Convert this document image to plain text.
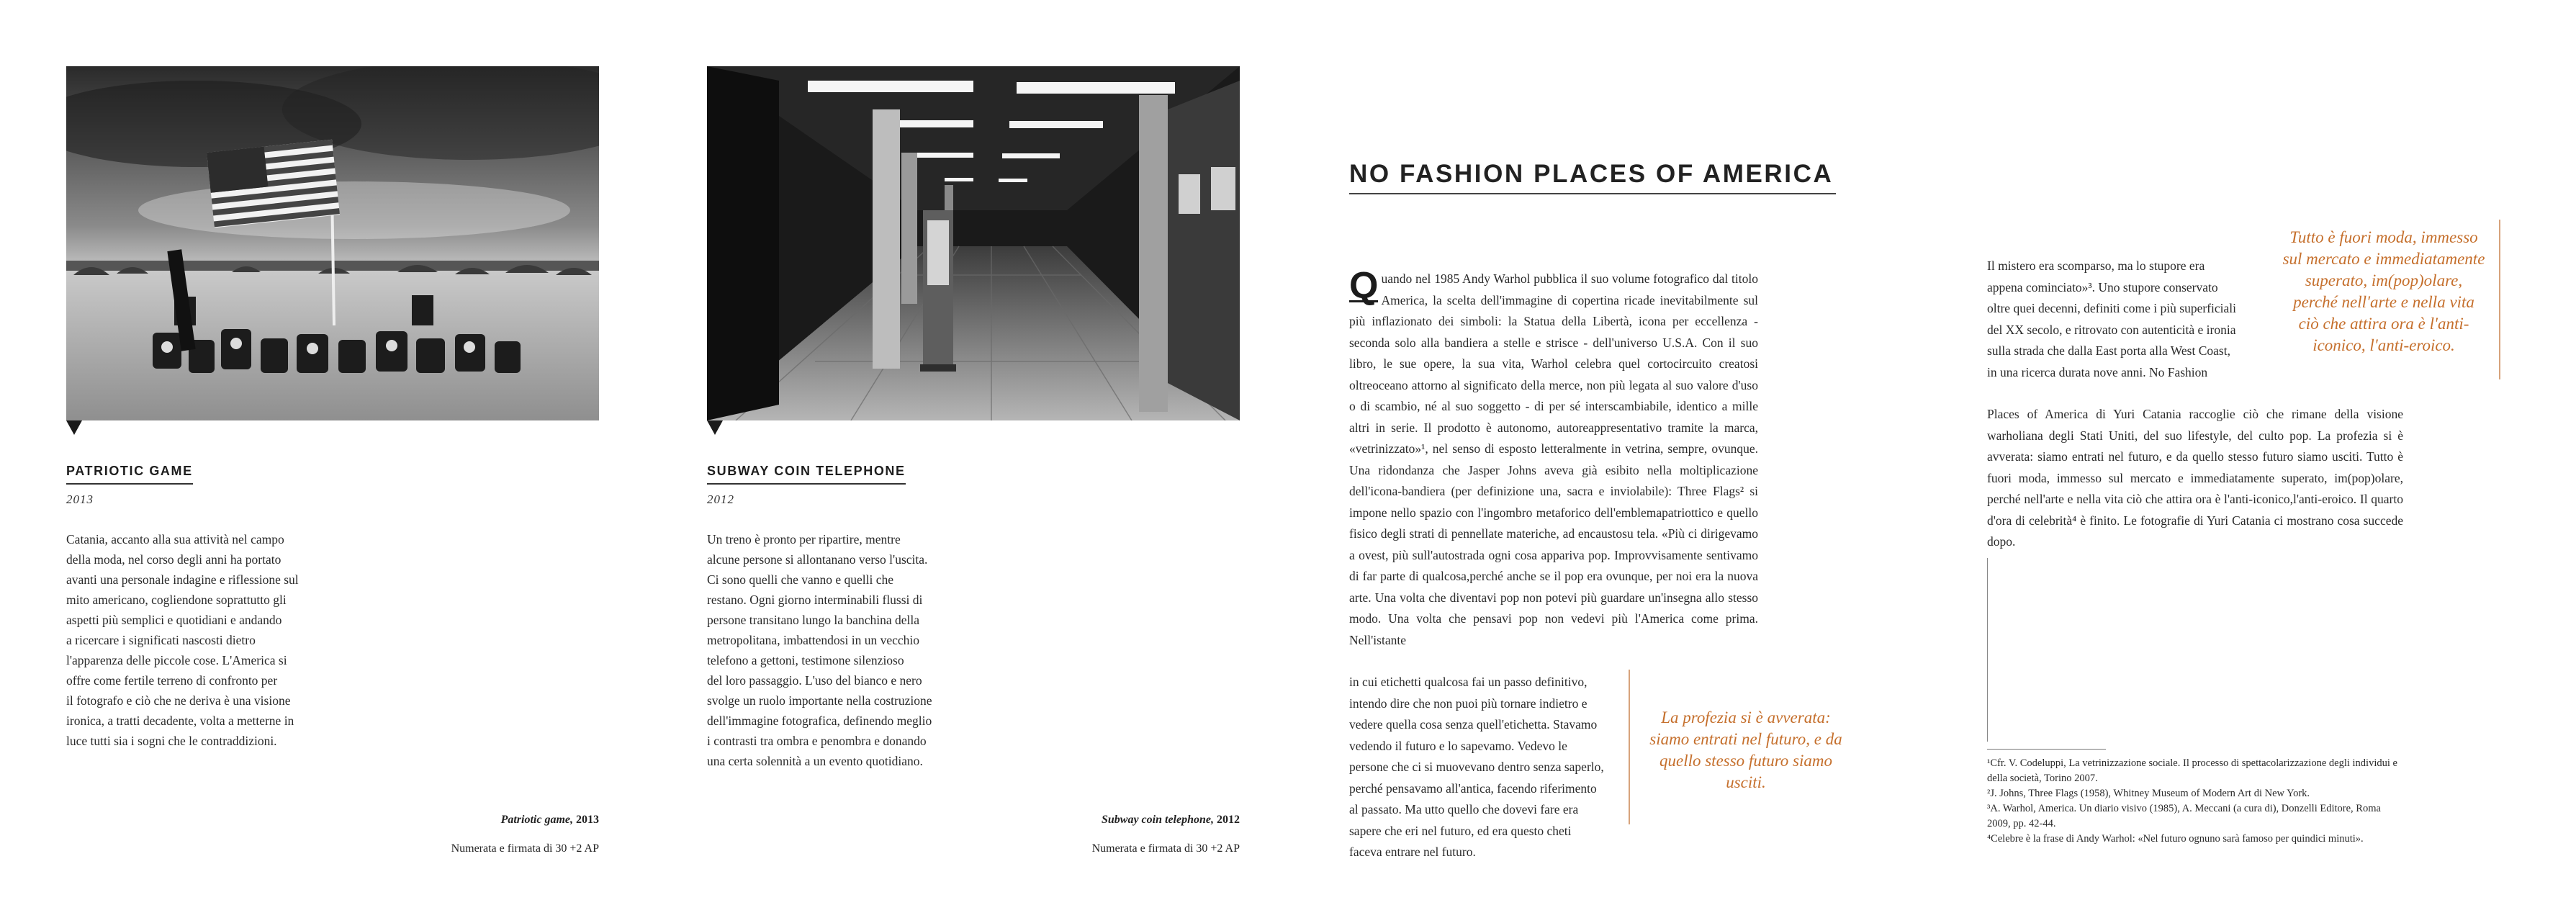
PATRIOTIC GAME
2013
Catania, accanto alla sua attività nel campo
della moda, nel corso degli anni ha portato
avanti una personale indagine e riflessione sul
mito americano, cogliendone soprattutto gli
aspetti più semplici e quotidiani e andando
a ricercare i significati nascosti dietro
l'apparenza delle piccole cose. L'America si
offre come fertile terreno di confronto per
il fotografo e ciò che ne deriva è una visione
ironica, a tratti decadente, volta a metterne in
luce tutti sia i sogni che le contraddizioni.
Patriotic game, 2013
Numerata e firmata di 30 +2 AP
SUBWAY COIN TELEPHONE
2012
Un treno è pronto per ripartire, mentre
alcune persone si allontanano verso l'uscita.
Ci sono quelli che vanno e quelli che
restano. Ogni giorno interminabili flussi di
persone transitano lungo la banchina della
metropolitana, imbattendosi in un vecchio
telefono a gettoni, testimone silenzioso
del loro passaggio. L'uso del bianco e nero
svolge un ruolo importante nella costruzione
dell'immagine fotografica, definendo meglio
i contrasti tra ombra e penombra e donando
una certa solennità a un evento quotidiano.
Subway coin telephone, 2012
Numerata e firmata di 30 +2 AP
NO FASHION PLACES OF AMERICA
Q uando nel 1985 Andy Warhol pubblica il suo volume fotografico dal titolo America, la scelta dell'immagine di copertina ricade inevitabilmente sul più inflazionato dei simboli: la Statua della Libertà, icona per eccellenza - seconda solo alla bandiera a stelle e strisce - dell'universo U.S.A. Con il suo libro, le sue opere, la sua vita, Warhol celebra quel cortocircuito creatosi oltreoceano attorno al significato della merce, non più legata al suo valore d'uso o di scambio, né al suo soggetto - di per sé interscambiabile, identico a mille altri in serie. Il prodotto è autonomo, autoreappresentativo tramite la marca, «vetrinizzato»¹, nel senso di esposto letteralmente in vetrina, sempre, ovunque. Una ridondanza che Jasper Johns aveva già esibito nella moltiplicazione dell'icona-bandiera (per definizione una, sacra e inviolabile): Three Flags² si impone nello spazio con l'ingombro metaforico dell'emblemapatriottico e quello fisico degli strati di pennellate materiche, ad encaustosu tela. «Più ci dirigevamo a ovest, più sull'autostrada ogni cosa appariva pop. Improvvisamente sentivamo di far parte di qualcosa,perché anche se il pop era ovunque, per noi era la nuova arte. Una volta che diventavi pop non potevi più guardare un'insegna allo stesso modo. Una volta che pensavi pop non vedevi più l'America come prima. Nell'istante
in cui etichetti qualcosa fai un passo definitivo, intendo dire che non puoi più tornare indietro e vedere quella cosa senza quell'etichetta. Stavamo vedendo il futuro e lo sapevamo. Vedevo le persone che ci si muovevano dentro senza saperlo, perché pensavamo all'antica, facendo riferimento al passato. Ma utto quello che dovevi fare era sapere che eri nel futuro, ed era questo cheti faceva entrare nel futuro.
La profezia si è avverata: siamo entrati nel futuro, e da quello stesso futuro siamo usciti.
Il mistero era scomparso, ma lo stupore era appena cominciato»³. Uno stupore conservato oltre quei decenni, definiti come i più superficiali del XX secolo, e ritrovato con autenticità e ironia sulla strada che dalla East porta alla West Coast, in una ricerca durata nove anni. No Fashion
Places of America di Yuri Catania raccoglie ciò che rimane della visione warholiana degli Stati Uniti, del suo lifestyle, del culto pop. La profezia si è avverata: siamo entrati nel futuro, e da quello stesso futuro siamo usciti. Tutto è fuori moda, immesso sul mercato e immediatamente superato, im(pop)olare, perché nell'arte e nella vita ciò che attira ora è l'anti-iconico,l'anti-eroico. Il quarto d'ora di celebrità⁴ è finito. Le fotografie di Yuri Catania ci mostrano cosa succede dopo.
Tutto è fuori moda, immesso sul mercato e immediatamente superato, im(pop)olare, perché nell'arte e nella vita ciò che attira ora è l'anti-iconico, l'anti-eroico.
¹Cfr. V. Codeluppi, La vetrinizzazione sociale. Il processo di spettacolarizzazione degli individui e della società, Torino 2007.
²J. Johns, Three Flags (1958), Whitney Museum of Modern Art di New York.
³A. Warhol, America. Un diario visivo (1985), A. Meccani (a cura di), Donzelli Editore, Roma 2009, pp. 42-44.
⁴Celebre è la frase di Andy Warhol: «Nel futuro ognuno sarà famoso per quindici minuti».
